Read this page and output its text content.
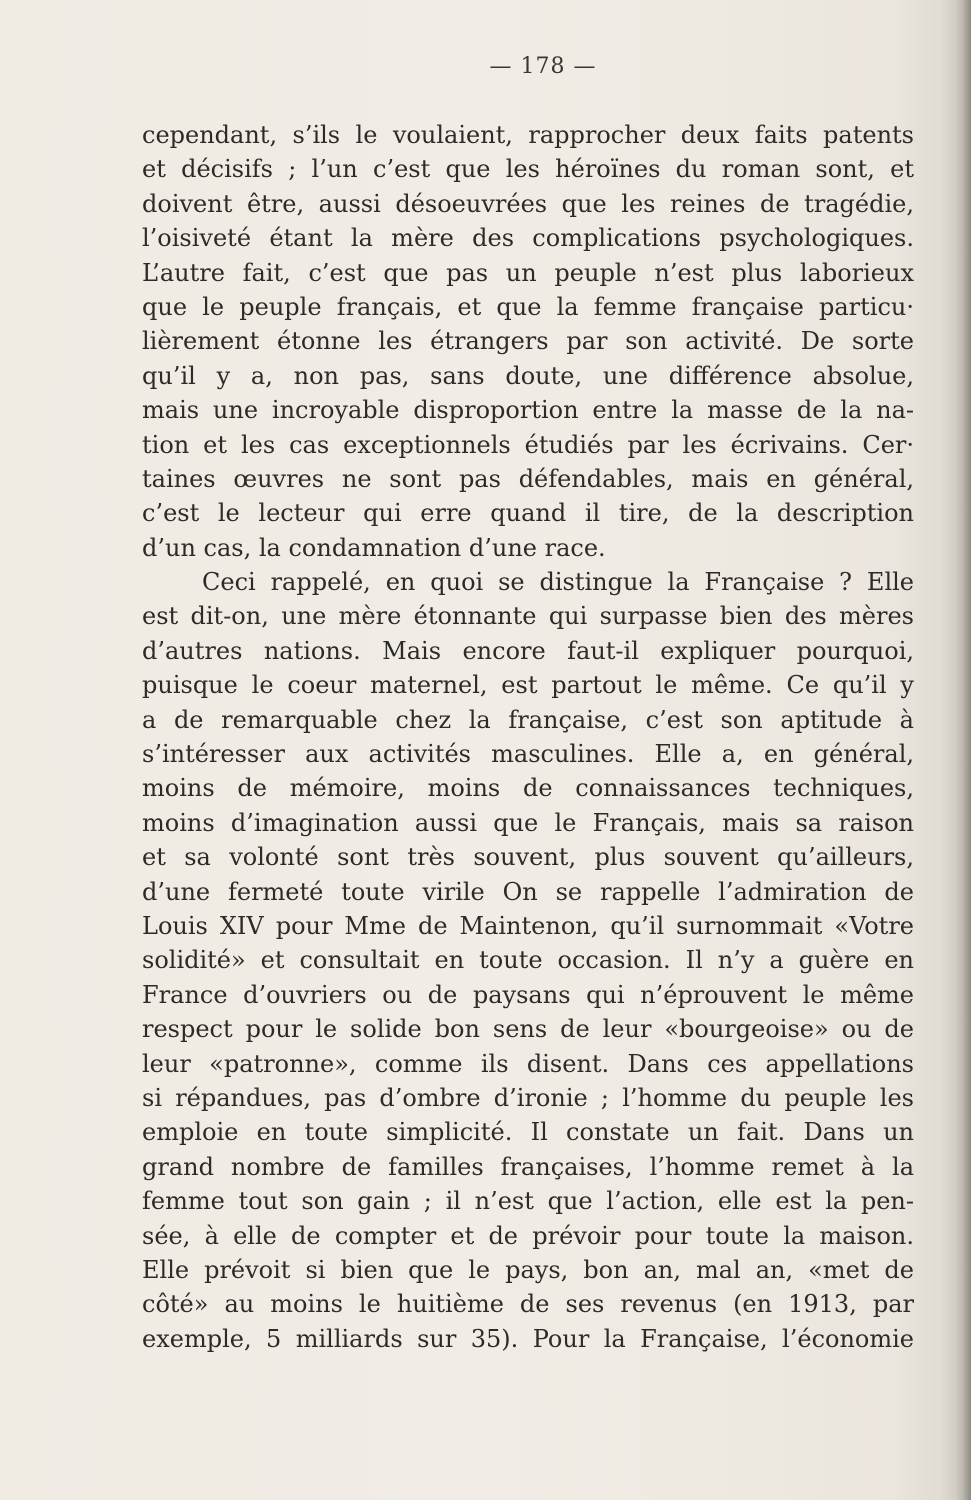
— 178 —
cependant, s’ils le voulaient, rapprocher deux faits patents
et décisifs ; l’un c’est que les héroïnes du roman sont, et
doivent être, aussi désoeuvrées que les reines de tragédie,
l’oisiveté étant la mère des complications psychologiques.
L’autre fait, c’est que pas un peuple n’est plus laborieux
que le peuple français, et que la femme française particu·
lièrement étonne les étrangers par son activité. De sorte
qu’il y a, non pas, sans doute, une différence absolue,
mais une incroyable disproportion entre la masse de la na-
tion et les cas exceptionnels étudiés par les écrivains. Cer·
taines œuvres ne sont pas défendables, mais en général,
c’est le lecteur qui erre quand il tire, de la description
d’un cas, la condamnation d’une race.
Ceci rappelé, en quoi se distingue la Française ? Elle
est dit-on, une mère étonnante qui surpasse bien des mères
d’autres nations. Mais encore faut-il expliquer pourquoi,
puisque le coeur maternel, est partout le même. Ce qu’il y
a de remarquable chez la française, c’est son aptitude à
s’intéresser aux activités masculines. Elle a, en général,
moins de mémoire, moins de connaissances techniques,
moins d’imagination aussi que le Français, mais sa raison
et sa volonté sont très souvent, plus souvent qu’ailleurs,
d’une fermeté toute virile On se rappelle l’admiration de
Louis XIV pour Mme de Maintenon, qu’il surnommait «Votre
solidité» et consultait en toute occasion. Il n’y a guère en
France d’ouvriers ou de paysans qui n’éprouvent le même
respect pour le solide bon sens de leur «bourgeoise» ou de
leur «patronne», comme ils disent. Dans ces appellations
si répandues, pas d’ombre d’ironie ; l’homme du peuple les
emploie en toute simplicité. Il constate un fait. Dans un
grand nombre de familles françaises, l’homme remet à la
femme tout son gain ; il n’est que l’action, elle est la pen-
sée, à elle de compter et de prévoir pour toute la maison.
Elle prévoit si bien que le pays, bon an, mal an, «met de
côté» au moins le huitième de ses revenus (en 1913, par
exemple, 5 milliards sur 35). Pour la Française, l’économie
